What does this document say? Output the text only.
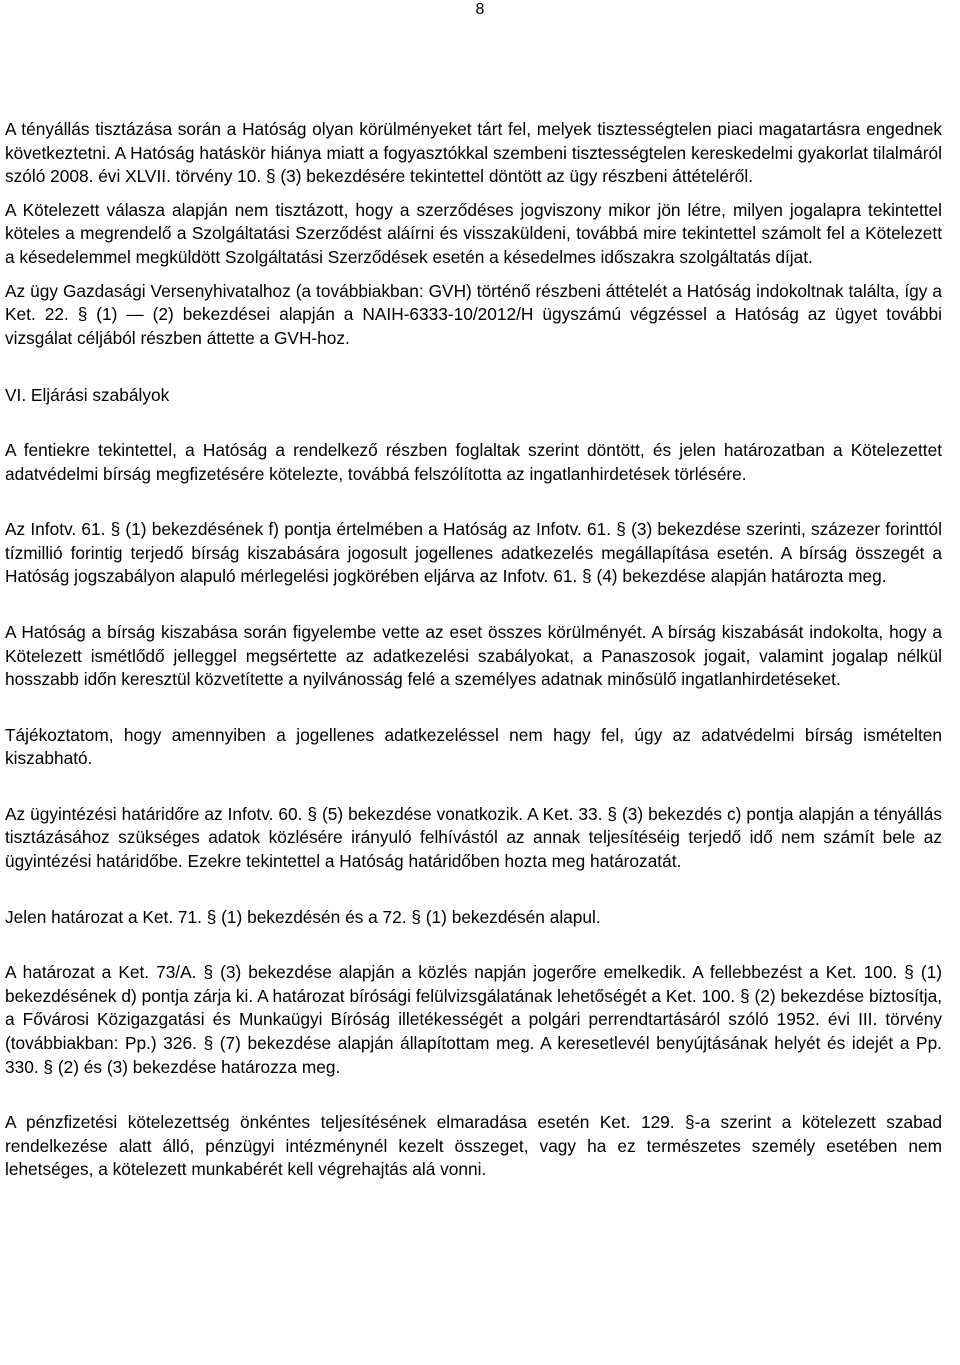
8

A tényállás tisztázása során a Hatóság olyan körülményeket tárt fel, melyek tisztességtelen piaci magatartásra engednek következtetni. A Hatóság hatáskör hiánya miatt a fogyasztókkal szembeni tisztességtelen kereskedelmi gyakorlat tilalmáról szóló 2008. évi XLVII. törvény 10. § (3) bekezdésére tekintettel döntött az ügy részbeni áttételéről.

A Kötelezett válasza alapján nem tisztázott, hogy a szerződéses jogviszony mikor jön létre, milyen jogalapra tekintettel köteles a megrendelő a Szolgáltatási Szerződést aláírni és visszaküldeni, továbbá mire tekintettel számolt fel a Kötelezett a késedelemmel megküldött Szolgáltatási Szerződések esetén a késedelmes időszakra szolgáltatás díjat.

Az ügy Gazdasági Versenyhivatalhoz (a továbbiakban: GVH) történő részbeni áttételét a Hatóság indokoltnak találta, így a Ket. 22. § (1) — (2) bekezdései alapján a NAIH-6333-10/2012/H ügyszámú végzéssel a Hatóság az ügyet további vizsgálat céljából részben áttette a GVH-hoz.

VI. Eljárási szabályok

A fentiekre tekintettel, a Hatóság a rendelkező részben foglaltak szerint döntött, és jelen határozatban a Kötelezettet adatvédelmi bírság megfizetésére kötelezte, továbbá felszólította az ingatlanhirdetések törlésére.

Az Infotv. 61. § (1) bekezdésének f) pontja értelmében a Hatóság az Infotv. 61. § (3) bekezdése szerinti, százezer forinttól tízmillió forintig terjedő bírság kiszabására jogosult jogellenes adatkezelés megállapítása esetén. A bírság összegét a Hatóság jogszabályon alapuló mérlegelési jogkörében eljárva az Infotv. 61. § (4) bekezdése alapján határozta meg.

A Hatóság a bírság kiszabása során figyelembe vette az eset összes körülményét. A bírság kiszabását indokolta, hogy a Kötelezett ismétlődő jelleggel megsértette az adatkezelési szabályokat, a Panaszosok jogait, valamint jogalap nélkül hosszabb időn keresztül közvetítette a nyilvánosság felé a személyes adatnak minősülő ingatlanhirdetéseket.

Tájékoztatom, hogy amennyiben a jogellenes adatkezeléssel nem hagy fel, úgy az adatvédelmi bírság ismételten kiszabható.

Az ügyintézési határidőre az Infotv. 60. § (5) bekezdése vonatkozik. A Ket. 33. § (3) bekezdés c) pontja alapján a tényállás tisztázásához szükséges adatok közlésére irányuló felhívástól az annak teljesítéséig terjedő idő nem számít bele az ügyintézési határidőbe. Ezekre tekintettel a Hatóság határidőben hozta meg határozatát.

Jelen határozat a Ket. 71. § (1) bekezdésén és a 72. § (1) bekezdésén alapul.

A határozat a Ket. 73/A. § (3) bekezdése alapján a közlés napján jogerőre emelkedik. A fellebbezést a Ket. 100. § (1) bekezdésének d) pontja zárja ki. A határozat bírósági felülvizsgálatának lehetőségét a Ket. 100. § (2) bekezdése biztosítja, a Fővárosi Közigazgatási és Munkaügyi Bíróság illetékességét a polgári perrendtartásáról szóló 1952. évi III. törvény (továbbiakban: Pp.) 326. § (7) bekezdése alapján állapítottam meg. A keresetlevél benyújtásának helyét és idejét a Pp. 330. § (2) és (3) bekezdése határozza meg.

A pénzfizetési kötelezettség önkéntes teljesítésének elmaradása esetén Ket. 129. §-a szerint a kötelezett szabad rendelkezése alatt álló, pénzügyi intézménynél kezelt összeget, vagy ha ez természetes személy esetében nem lehetséges, a kötelezett munkabérét kell végrehajtás alá vonni.
